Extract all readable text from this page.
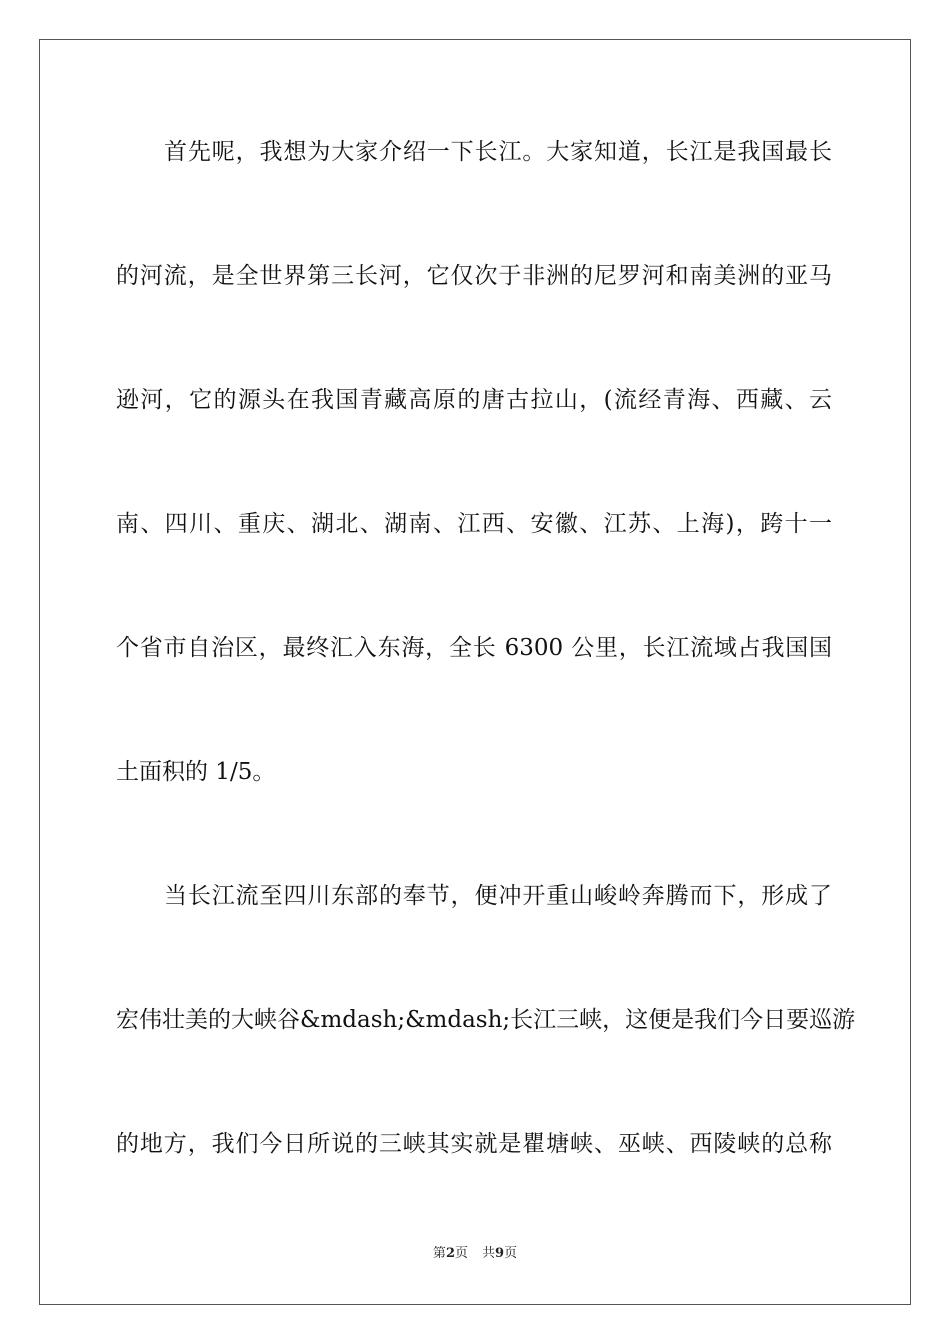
首先呢，我想为大家介绍一下长江。大家知道，长江是我国最长
的河流，是全世界第三长河，它仅次于非洲的尼罗河和南美洲的亚马
逊河，它的源头在我国青藏高原的唐古拉山，(流经青海、西藏、云
南、四川、重庆、湖北、湖南、江西、安徽、江苏、上海)，跨十一
个省市自治区，最终汇入东海，全长 6300 公里，长江流域占我国国
土面积的 1/5。
当长江流至四川东部的奉节，便冲开重山峻岭奔腾而下，形成了
宏伟壮美的大峡谷&mdash;&mdash;长江三峡，这便是我们今日要巡游
的地方，我们今日所说的三峡其实就是瞿塘峡、巫峡、西陵峡的总称
第2页 共9页
